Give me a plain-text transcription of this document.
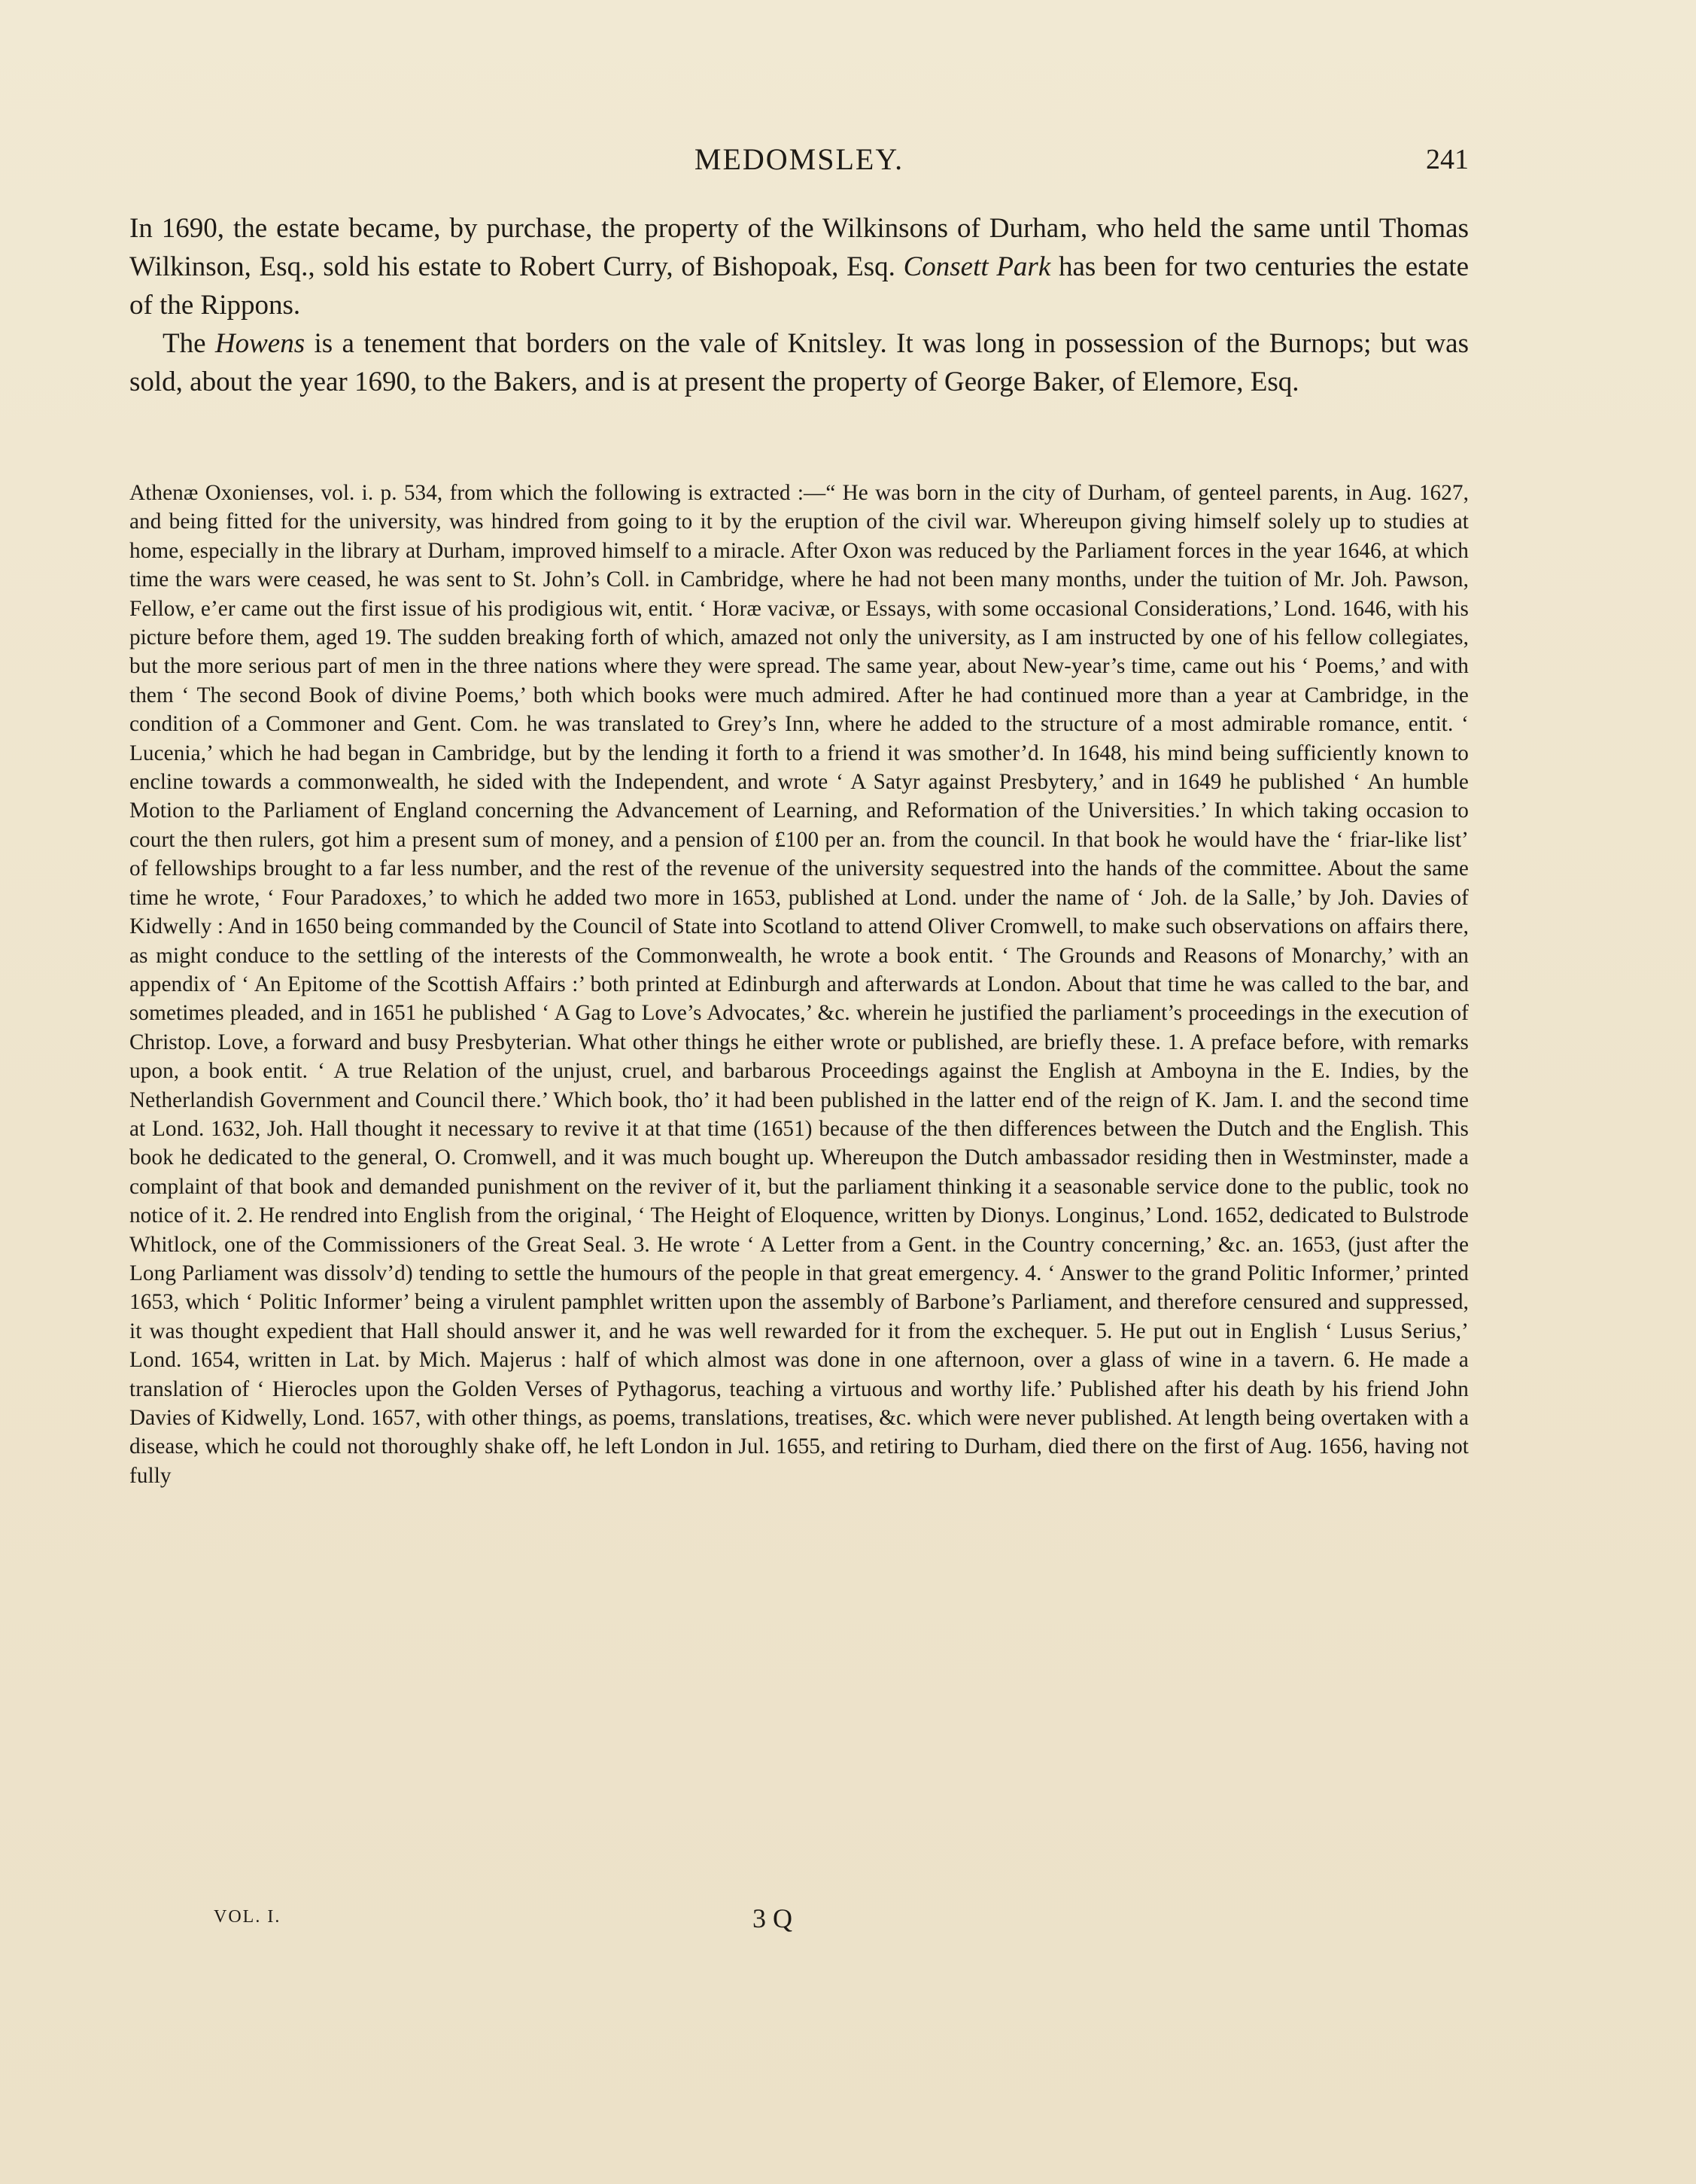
MEDOMSLEY.	241

In 1690, the estate became, by purchase, the property of the Wilkinsons of Durham, who held the same until Thomas Wilkinson, Esq., sold his estate to Robert Curry, of Bishopoak, Esq. Consett Park has been for two centuries the estate of the Rippons.

The Howens is a tenement that borders on the vale of Knitsley. It was long in possession of the Burnops; but was sold, about the year 1690, to the Bakers, and is at present the property of George Baker, of Elemore, Esq.

Athenæ Oxonienses, vol. i. p. 534, from which the following is extracted :—“ He was born in the city of Durham, of genteel parents, in Aug. 1627, and being fitted for the university, was hindred from going to it by the eruption of the civil war. Whereupon giving himself solely up to studies at home, especially in the library at Durham, improved himself to a miracle. After Oxon was reduced by the Parliament forces in the year 1646, at which time the wars were ceased, he was sent to St. John’s Coll. in Cambridge, where he had not been many months, under the tuition of Mr. Joh. Pawson, Fellow, e’er came out the first issue of his prodigious wit, entit. ‘ Horæ vacivæ, or Essays, with some occasional Considerations,’ Lond. 1646, with his picture before them, aged 19. The sudden breaking forth of which, amazed not only the university, as I am instructed by one of his fellow collegiates, but the more serious part of men in the three nations where they were spread. The same year, about New-year’s time, came out his ‘ Poems,’ and with them ‘ The second Book of divine Poems,’ both which books were much admired. After he had continued more than a year at Cambridge, in the condition of a Commoner and Gent. Com. he was translated to Grey’s Inn, where he added to the structure of a most admirable romance, entit. ‘ Lucenia,’ which he had began in Cambridge, but by the lending it forth to a friend it was smother’d. In 1648, his mind being sufficiently known to encline towards a commonwealth, he sided with the Independent, and wrote ‘ A Satyr against Presbytery,’ and in 1649 he published ‘ An humble Motion to the Parliament of England concerning the Advancement of Learning, and Reformation of the Universities.’ In which taking occasion to court the then rulers, got him a present sum of money, and a pension of £100 per an. from the council. In that book he would have the ‘ friar-like list’ of fellowships brought to a far less number, and the rest of the revenue of the university sequestred into the hands of the committee. About the same time he wrote, ‘ Four Paradoxes,’ to which he added two more in 1653, published at Lond. under the name of ‘ Joh. de la Salle,’ by Joh. Davies of Kidwelly : And in 1650 being commanded by the Council of State into Scotland to attend Oliver Cromwell, to make such observations on affairs there, as might conduce to the settling of the interests of the Commonwealth, he wrote a book entit. ‘ The Grounds and Reasons of Monarchy,’ with an appendix of ‘ An Epitome of the Scottish Affairs :’ both printed at Edinburgh and afterwards at London. About that time he was called to the bar, and sometimes pleaded, and in 1651 he published ‘ A Gag to Love’s Advocates,’ &c. wherein he justified the parliament’s proceedings in the execution of Christop. Love, a forward and busy Presbyterian. What other things he either wrote or published, are briefly these. 1. A preface before, with remarks upon, a book entit. ‘ A true Relation of the unjust, cruel, and barbarous Proceedings against the English at Amboyna in the E. Indies, by the Netherlandish Government and Council there.’ Which book, tho’ it had been published in the latter end of the reign of K. Jam. I. and the second time at Lond. 1632, Joh. Hall thought it necessary to revive it at that time (1651) because of the then differences between the Dutch and the English. This book he dedicated to the general, O. Cromwell, and it was much bought up. Whereupon the Dutch ambassador residing then in Westminster, made a complaint of that book and demanded punishment on the reviver of it, but the parliament thinking it a seasonable service done to the public, took no notice of it. 2. He rendred into English from the original, ‘ The Height of Eloquence, written by Dionys. Longinus,’ Lond. 1652, dedicated to Bulstrode Whitlock, one of the Commissioners of the Great Seal. 3. He wrote ‘ A Letter from a Gent. in the Country concerning,’ &c. an. 1653, (just after the Long Parliament was dissolv’d) tending to settle the humours of the people in that great emergency. 4. ‘ Answer to the grand Politic Informer,’ printed 1653, which ‘ Politic Informer’ being a virulent pamphlet written upon the assembly of Barbone’s Parliament, and therefore censured and suppressed, it was thought expedient that Hall should answer it, and he was well rewarded for it from the exchequer. 5. He put out in English ‘ Lusus Serius,’ Lond. 1654, written in Lat. by Mich. Majerus : half of which almost was done in one afternoon, over a glass of wine in a tavern. 6. He made a translation of ‘ Hierocles upon the Golden Verses of Pythagorus, teaching a virtuous and worthy life.’ Published after his death by his friend John Davies of Kidwelly, Lond. 1657, with other things, as poems, translations, treatises, &c. which were never published. At length being overtaken with a disease, which he could not thoroughly shake off, he left London in Jul. 1655, and retiring to Durham, died there on the first of Aug. 1656, having not fully

VOL. I.	3 Q
